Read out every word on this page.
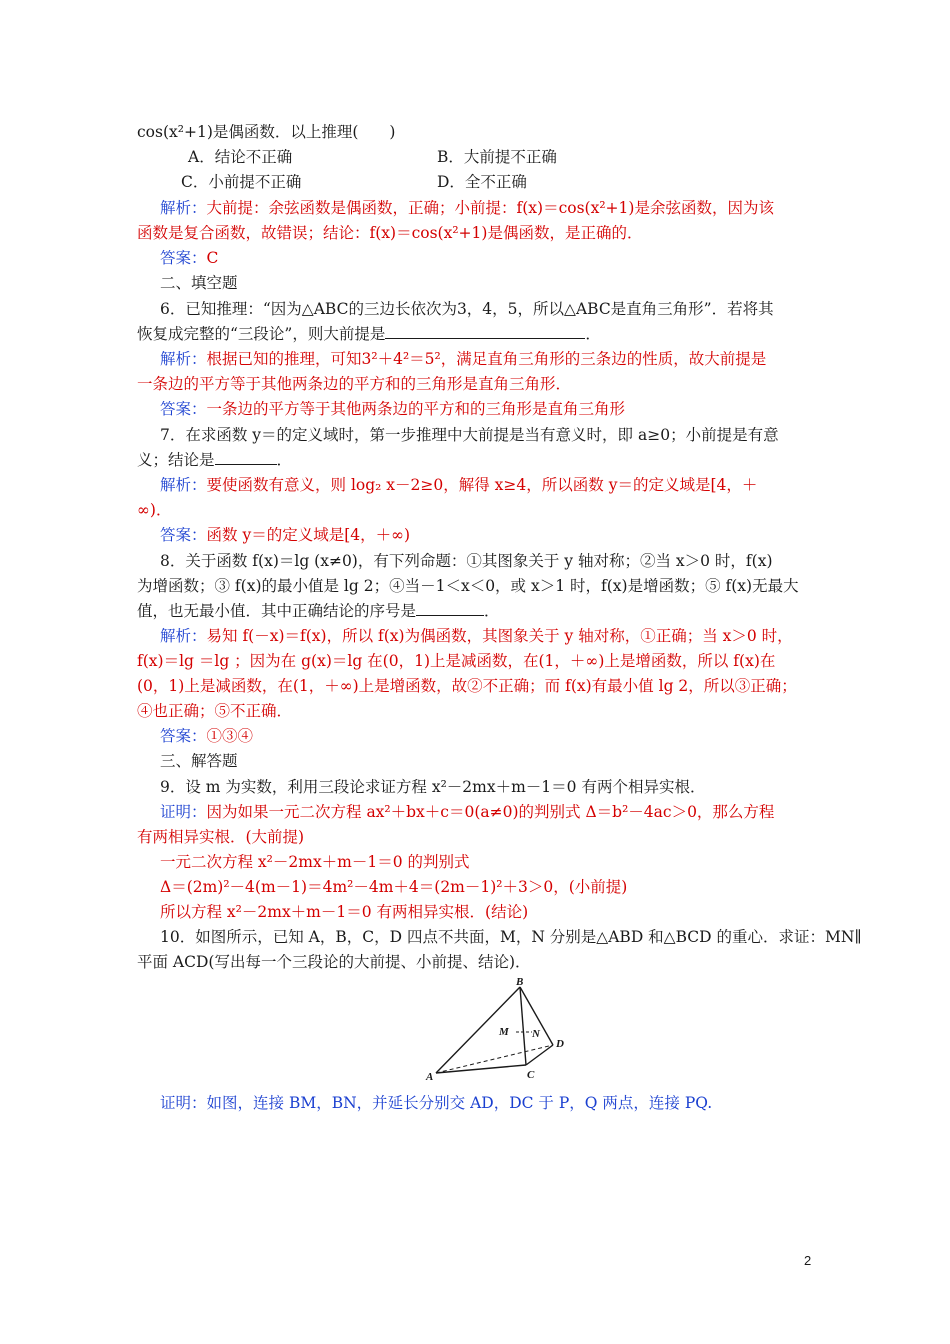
cos(x²+1)是偶函数．以上推理(　　)
A．结论不正确	B．大前提不正确
C．小前提不正确	D．全不正确
解析：大前提：余弦函数是偶函数，正确；小前提：f(x)＝cos(x²+1)是余弦函数，因为该
函数是复合函数，故错误；结论：f(x)＝cos(x²+1)是偶函数，是正确的．
答案：C
二、填空题
6．已知推理：“因为△ABC的三边长依次为3，4，5，所以△ABC是直角三角形”．若将其
恢复成完整的“三段论”，则大前提是	．
解析：根据已知的推理，可知3²＋4²＝5²，满足直角三角形的三条边的性质，故大前提是
一条边的平方等于其他两条边的平方和的三角形是直角三角形．
答案：一条边的平方等于其他两条边的平方和的三角形是直角三角形
7．在求函数 y＝的定义域时，第一步推理中大前提是当有意义时，即 a≥0；小前提是有意
义；结论是	．
解析：要使函数有意义，则 log₂ x－2≥0，解得 x≥4，所以函数 y＝的定义域是[4，＋
∞)．
答案：函数 y＝的定义域是[4，＋∞)
8．关于函数 f(x)＝lg (x≠0)，有下列命题：①其图象关于 y 轴对称；②当 x＞0 时，f(x)
为增函数；③ f(x)的最小值是 lg 2；④当－1＜x＜0，或 x＞1 时，f(x)是增函数；⑤ f(x)无最大
值，也无最小值．其中正确结论的序号是	．
解析：易知 f(－x)＝f(x)，所以 f(x)为偶函数，其图象关于 y 轴对称，①正确；当 x＞0 时，
f(x)＝lg ＝lg ；因为在 g(x)＝lg 在(0，1)上是减函数，在(1，＋∞)上是增函数，所以 f(x)在
(0，1)上是减函数，在(1，＋∞)上是增函数，故②不正确；而 f(x)有最小值 lg 2，所以③正确；
④也正确；⑤不正确．
答案：①③④
三、解答题
9．设 m 为实数，利用三段论求证方程 x²－2mx＋m－1＝0 有两个相异实根．
证明：因为如果一元二次方程 ax²＋bx＋c＝0(a≠0)的判别式 Δ＝b²－4ac＞0，那么方程
有两相异实根．(大前提)
一元二次方程 x²－2mx＋m－1＝0 的判别式
Δ＝(2m)²－4(m－1)＝4m²－4m＋4＝(2m－1)²＋3＞0，(小前提)
所以方程 x²－2mx＋m－1＝0 有两相异实根．(结论)
10．如图所示，已知 A，B，C，D 四点不共面，M，N 分别是△ABD 和△BCD 的重心．求证：MN∥
平面 ACD(写出每一个三段论的大前提、小前提、结论)．
B
M N
D
A	C
证明：如图，连接 BM，BN，并延长分别交 AD，DC 于 P，Q 两点，连接 PQ.
2
